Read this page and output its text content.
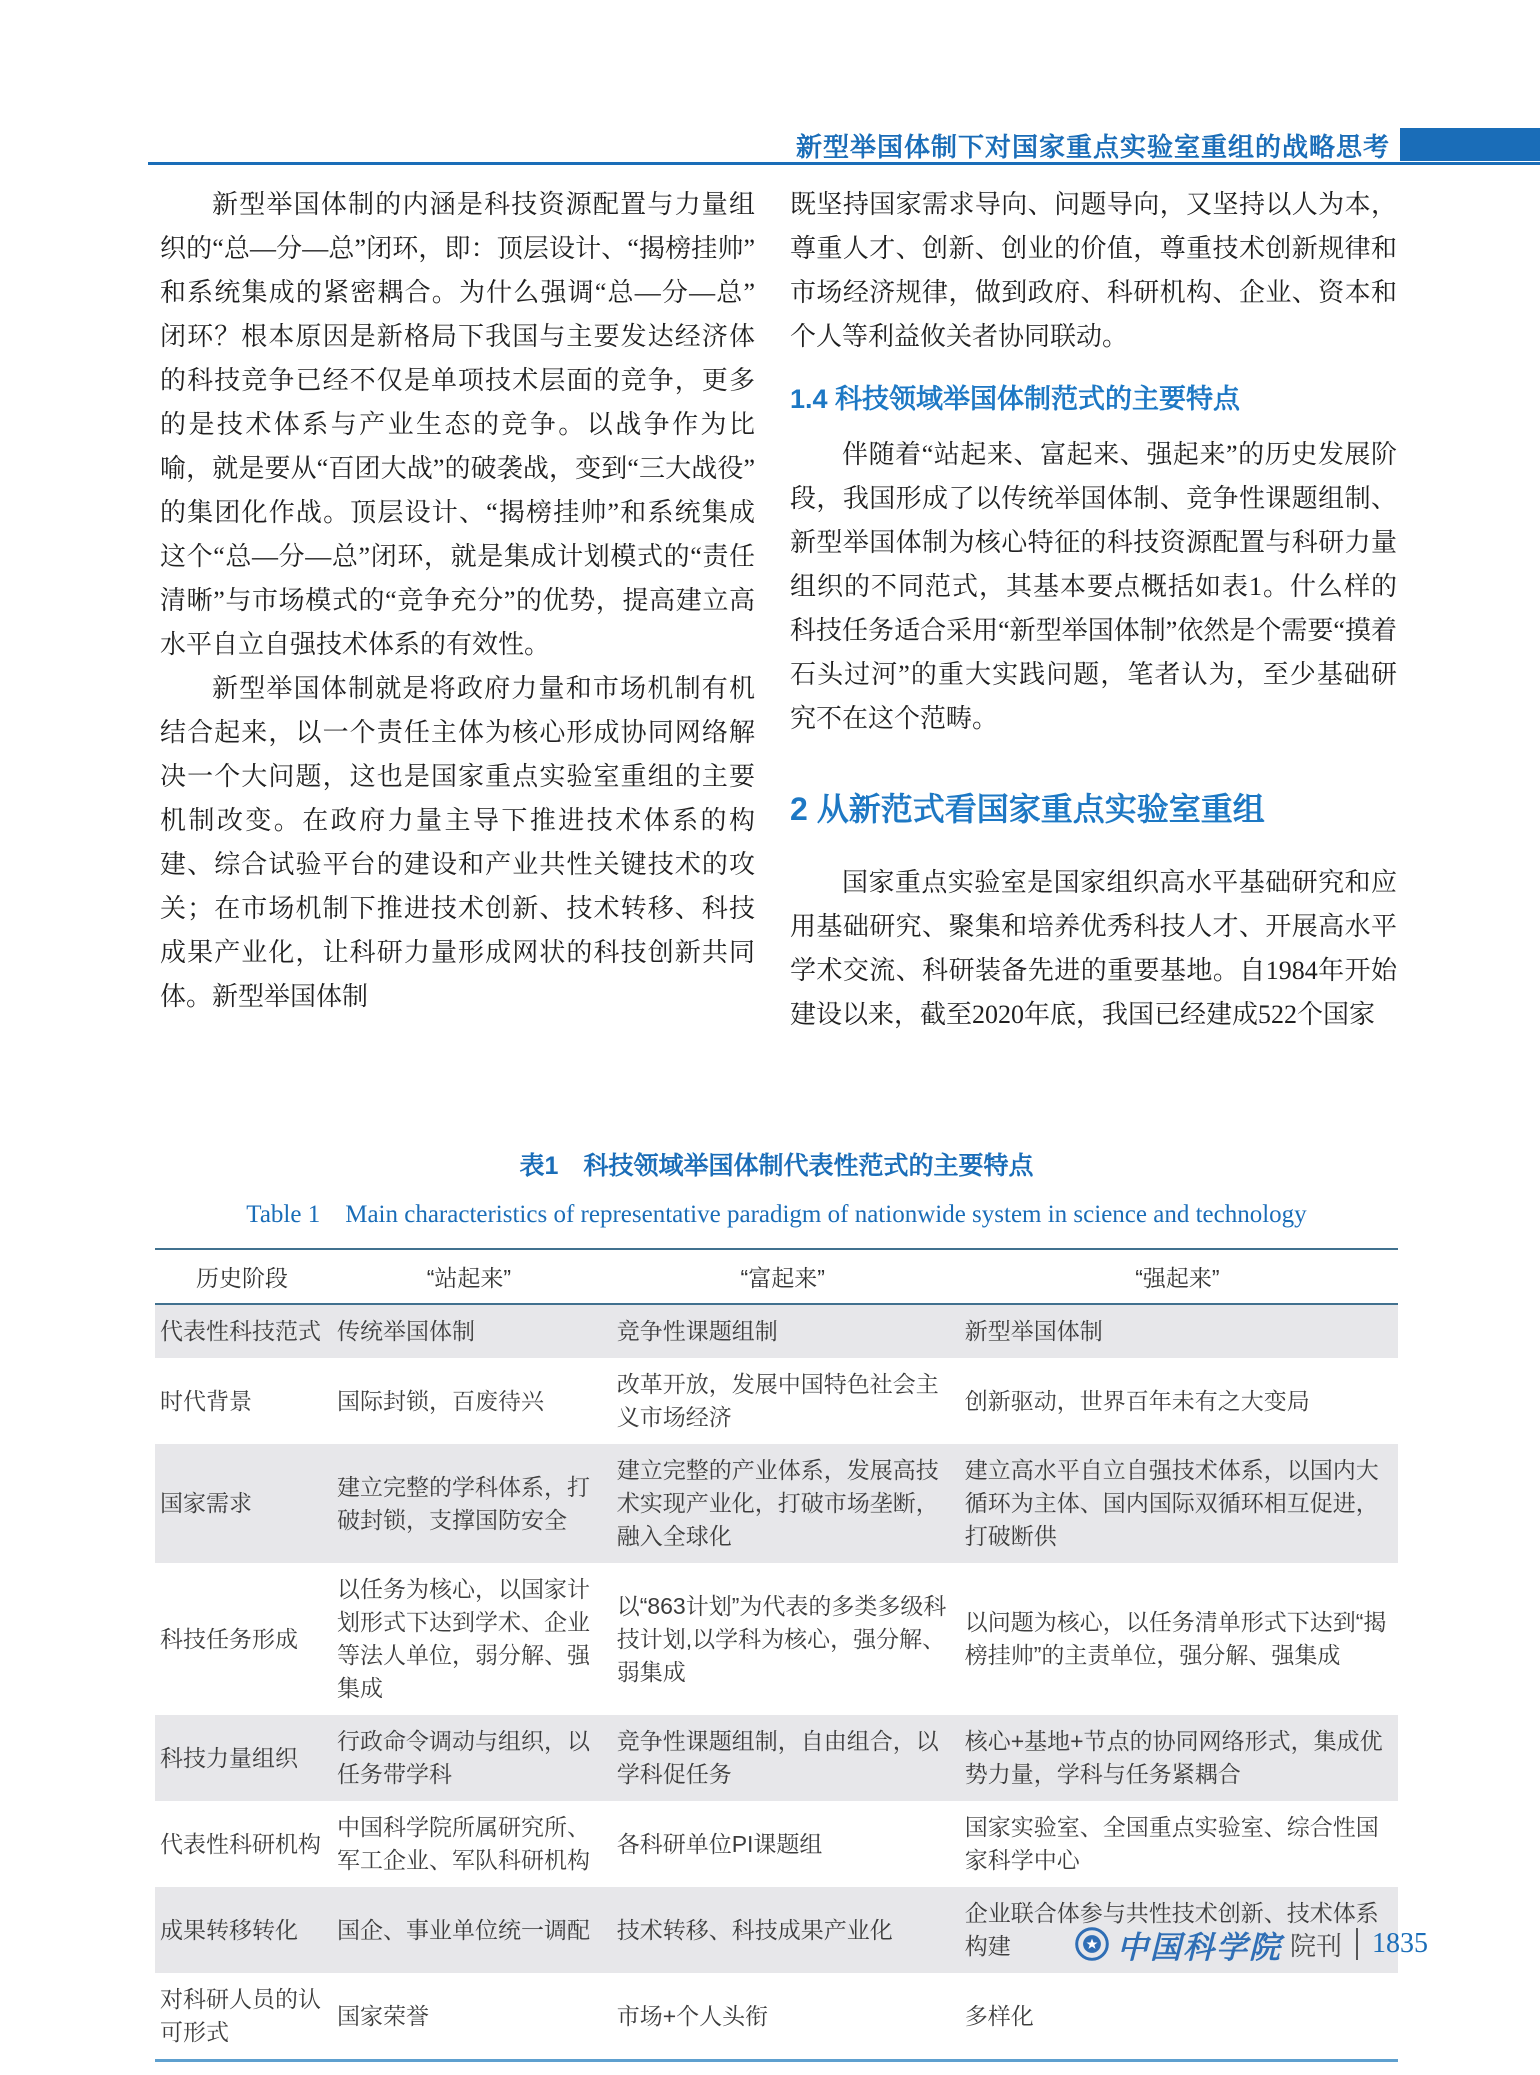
新型举国体制下对国家重点实验室重组的战略思考

新型举国体制的内涵是科技资源配置与力量组织的“总—分—总”闭环，即：顶层设计、“揭榜挂帅”和系统集成的紧密耦合。为什么强调“总—分—总”闭环？根本原因是新格局下我国与主要发达经济体的科技竞争已经不仅是单项技术层面的竞争，更多的是技术体系与产业生态的竞争。以战争作为比喻，就是要从“百团大战”的破袭战，变到“三大战役”的集团化作战。顶层设计、“揭榜挂帅”和系统集成这个“总—分—总”闭环，就是集成计划模式的“责任清晰”与市场模式的“竞争充分”的优势，提高建立高水平自立自强技术体系的有效性。

新型举国体制就是将政府力量和市场机制有机结合起来，以一个责任主体为核心形成协同网络解决一个大问题，这也是国家重点实验室重组的主要机制改变。在政府力量主导下推进技术体系的构建、综合试验平台的建设和产业共性关键技术的攻关；在市场机制下推进技术创新、技术转移、科技成果产业化，让科研力量形成网状的科技创新共同体。新型举国体制

既坚持国家需求导向、问题导向，又坚持以人为本，尊重人才、创新、创业的价值，尊重技术创新规律和市场经济规律，做到政府、科研机构、企业、资本和个人等利益攸关者协同联动。

1.4 科技领域举国体制范式的主要特点

伴随着“站起来、富起来、强起来”的历史发展阶段，我国形成了以传统举国体制、竞争性课题组制、新型举国体制为核心特征的科技资源配置与科研力量组织的不同范式，其基本要点概括如表1。什么样的科技任务适合采用“新型举国体制”依然是个需要“摸着石头过河”的重大实践问题，笔者认为，至少基础研究不在这个范畴。

2 从新范式看国家重点实验室重组

国家重点实验室是国家组织高水平基础研究和应用基础研究、聚集和培养优秀科技人才、开展高水平学术交流、科研装备先进的重要基地。自1984年开始建设以来，截至2020年底，我国已经建成522个国家

表1　科技领域举国体制代表性范式的主要特点
Table 1　Main characteristics of representative paradigm of nationwide system in science and technology
历史阶段	“站起来”	“富起来”	“强起来”
代表性科技范式	传统举国体制	竞争性课题组制	新型举国体制
时代背景	国际封锁，百废待兴	改革开放，发展中国特色社会主义市场经济	创新驱动，世界百年未有之大变局
国家需求	建立完整的学科体系，打破封锁，支撑国防安全	建立完整的产业体系，发展高技术实现产业化，打破市场垄断，融入全球化	建立高水平自立自强技术体系，以国内大循环为主体、国内国际双循环相互促进，打破断供
科技任务形成	以任务为核心，以国家计划形式下达到学术、企业等法人单位，弱分解、强集成	以“863计划”为代表的多类多级科技计划,以学科为核心，强分解、弱集成	以问题为核心，以任务清单形式下达到“揭榜挂帅”的主责单位，强分解、强集成
科技力量组织	行政命令调动与组织，以任务带学科	竞争性课题组制，自由组合，以学科促任务	核心+基地+节点的协同网络形式，集成优势力量，学科与任务紧耦合
代表性科研机构	中国科学院所属研究所、军工企业、军队科研机构	各科研单位PI课题组	国家实验室、全国重点实验室、综合性国家科学中心
成果转移转化	国企、事业单位统一调配	技术转移、科技成果产业化	企业联合体参与共性技术创新、技术体系构建
对科研人员的认可形式	国家荣誉	市场+个人头衔	多样化
中国科学院 院刊 1835
